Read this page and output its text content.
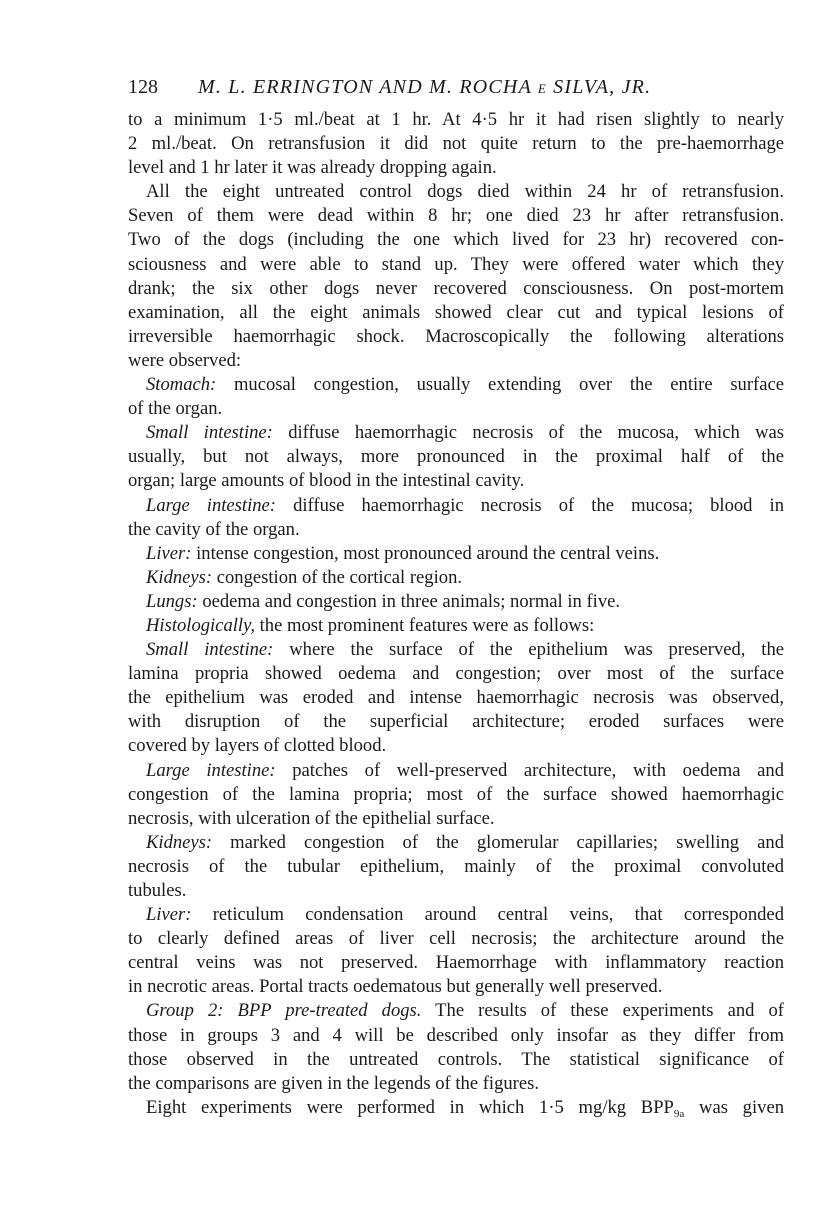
128 M. L. ERRINGTON AND M. ROCHA E SILVA, JR.
to a minimum 1·5 ml./beat at 1 hr. At 4·5 hr it had risen slightly to nearly
2 ml./beat. On retransfusion it did not quite return to the pre-haemorrhage
level and 1 hr later it was already dropping again.
All the eight untreated control dogs died within 24 hr of retransfusion.
Seven of them were dead within 8 hr; one died 23 hr after retransfusion.
Two of the dogs (including the one which lived for 23 hr) recovered con-
sciousness and were able to stand up. They were offered water which they
drank; the six other dogs never recovered consciousness. On post-mortem
examination, all the eight animals showed clear cut and typical lesions of
irreversible haemorrhagic shock. Macroscopically the following alterations
were observed:
Stomach: mucosal congestion, usually extending over the entire surface
of the organ.
Small intestine: diffuse haemorrhagic necrosis of the mucosa, which was
usually, but not always, more pronounced in the proximal half of the
organ; large amounts of blood in the intestinal cavity.
Large intestine: diffuse haemorrhagic necrosis of the mucosa; blood in
the cavity of the organ.
Liver: intense congestion, most pronounced around the central veins.
Kidneys: congestion of the cortical region.
Lungs: oedema and congestion in three animals; normal in five.
Histologically, the most prominent features were as follows:
Small intestine: where the surface of the epithelium was preserved, the
lamina propria showed oedema and congestion; over most of the surface
the epithelium was eroded and intense haemorrhagic necrosis was observed,
with disruption of the superficial architecture; eroded surfaces were
covered by layers of clotted blood.
Large intestine: patches of well-preserved architecture, with oedema and
congestion of the lamina propria; most of the surface showed haemorrhagic
necrosis, with ulceration of the epithelial surface.
Kidneys: marked congestion of the glomerular capillaries; swelling and
necrosis of the tubular epithelium, mainly of the proximal convoluted
tubules.
Liver: reticulum condensation around central veins, that corresponded
to clearly defined areas of liver cell necrosis; the architecture around the
central veins was not preserved. Haemorrhage with inflammatory reaction
in necrotic areas. Portal tracts oedematous but generally well preserved.
Group 2: BPP pre-treated dogs. The results of these experiments and of
those in groups 3 and 4 will be described only insofar as they differ from
those observed in the untreated controls. The statistical significance of
the comparisons are given in the legends of the figures.
Eight experiments were performed in which 1·5 mg/kg $BPP_{9a}$ was given
